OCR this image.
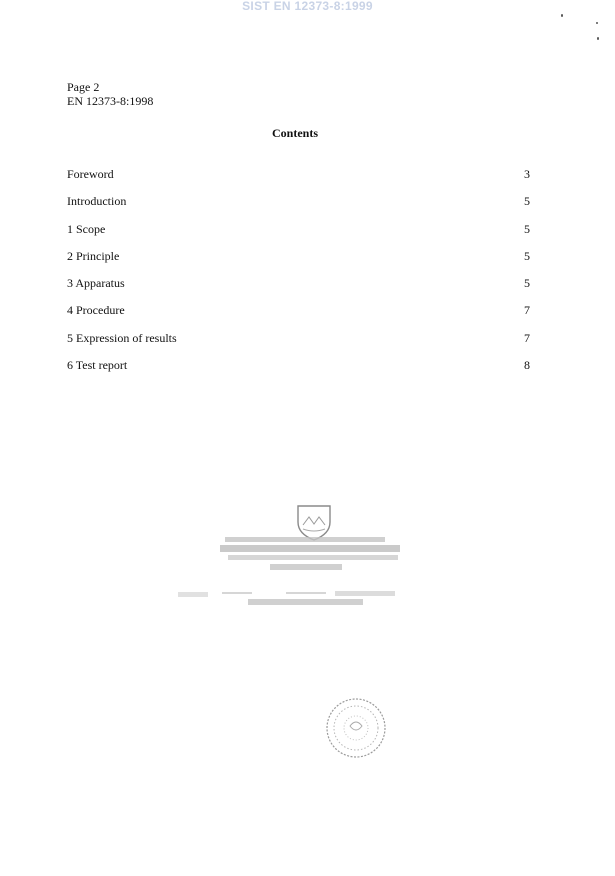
SIST EN 12373-8:1999
Page 2
EN 12373-8:1998
Contents
Foreword	3
Introduction	5
1 Scope	5
2 Principle	5
3 Apparatus	5
4 Procedure	7
5 Expression of results	7
6 Test report	8
